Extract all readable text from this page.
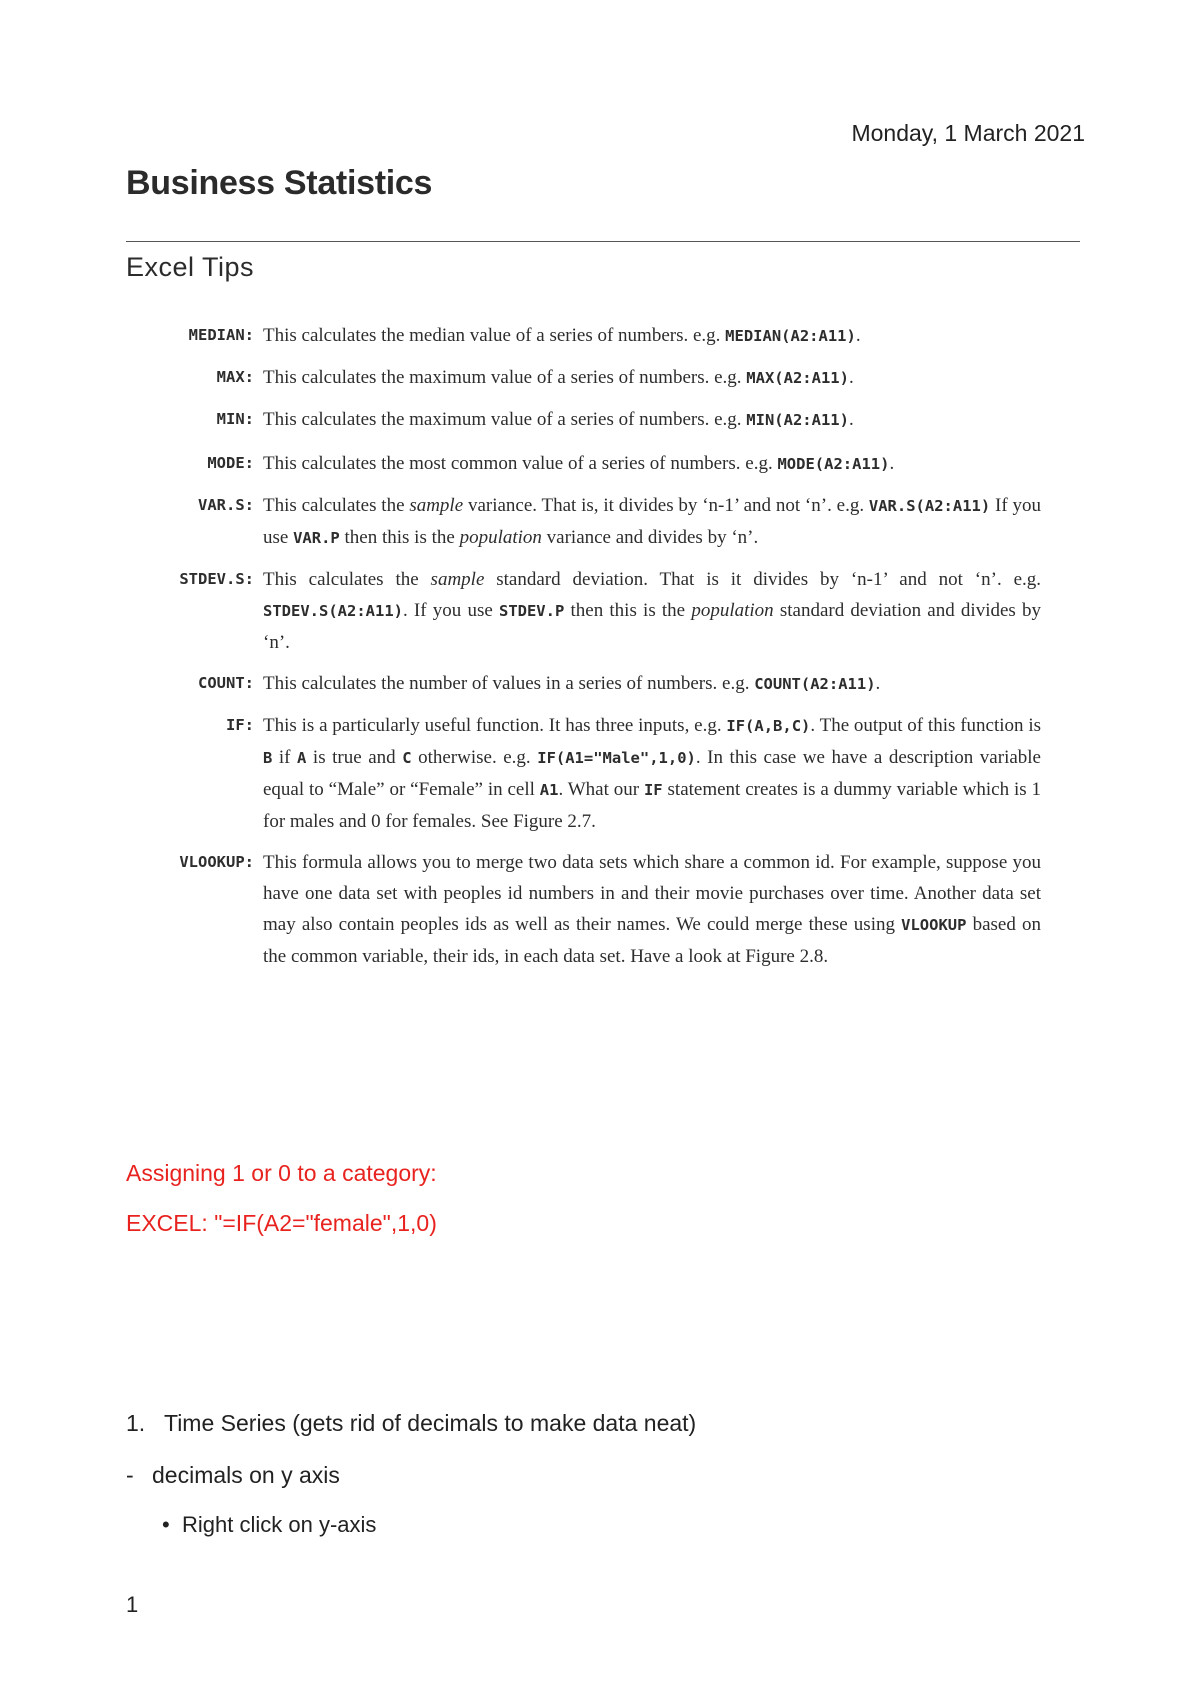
Monday, 1 March 2021
Business Statistics
Excel Tips
MEDIAN: This calculates the median value of a series of numbers. e.g. MEDIAN(A2:A11).
MAX: This calculates the maximum value of a series of numbers. e.g. MAX(A2:A11).
MIN: This calculates the maximum value of a series of numbers. e.g. MIN(A2:A11).
MODE: This calculates the most common value of a series of numbers. e.g. MODE(A2:A11).
VAR.S: This calculates the sample variance. That is, it divides by ‘n-1’ and not ‘n’. e.g. VAR.S(A2:A11) If you use VAR.P then this is the population variance and divides by ‘n’.
STDEV.S: This calculates the sample standard deviation. That is it divides by ‘n-1’ and not ‘n’. e.g. STDEV.S(A2:A11). If you use STDEV.P then this is the population standard deviation and divides by ‘n’.
COUNT: This calculates the number of values in a series of numbers. e.g. COUNT(A2:A11).
IF: This is a particularly useful function. It has three inputs, e.g. IF(A,B,C). The output of this function is B if A is true and C otherwise. e.g. IF(A1="Male",1,0). In this case we have a description variable equal to “Male” or “Female” in cell A1. What our IF statement creates is a dummy variable which is 1 for males and 0 for females. See Figure 2.7.
VLOOKUP: This formula allows you to merge two data sets which share a common id. For example, suppose you have one data set with peoples id numbers in and their movie purchases over time. Another data set may also contain peoples ids as well as their names. We could merge these using VLOOKUP based on the common variable, their ids, in each data set. Have a look at Figure 2.8.
Assigning 1 or 0 to a category:
EXCEL: "=IF(A2="female",1,0)
1. Time Series (gets rid of decimals to make data neat)
- decimals on y axis
• Right click on y-axis
1
